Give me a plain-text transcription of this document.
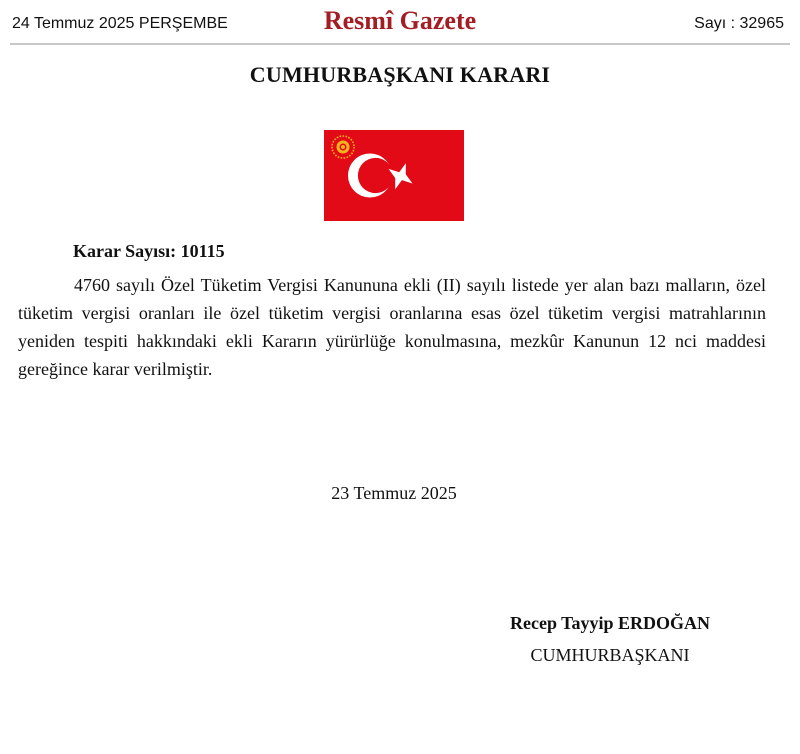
24 Temmuz 2025 PERŞEMBE	Resmî Gazete	Sayı : 32965
CUMHURBAŞKANI KARARI
Karar Sayısı: 10115

4760 sayılı Özel Tüketim Vergisi Kanununa ekli (II) sayılı listede yer alan bazı malların, özel tüketim vergisi oranları ile özel tüketim vergisi oranlarına esas özel tüketim vergisi matrahlarının yeniden tespiti hakkındaki ekli Kararın yürürlüğe konulmasına, mezkûr Kanunun 12 nci maddesi gereğince karar verilmiştir.

23 Temmuz 2025
Recep Tayyip ERDOĞAN
CUMHURBAŞKANI
